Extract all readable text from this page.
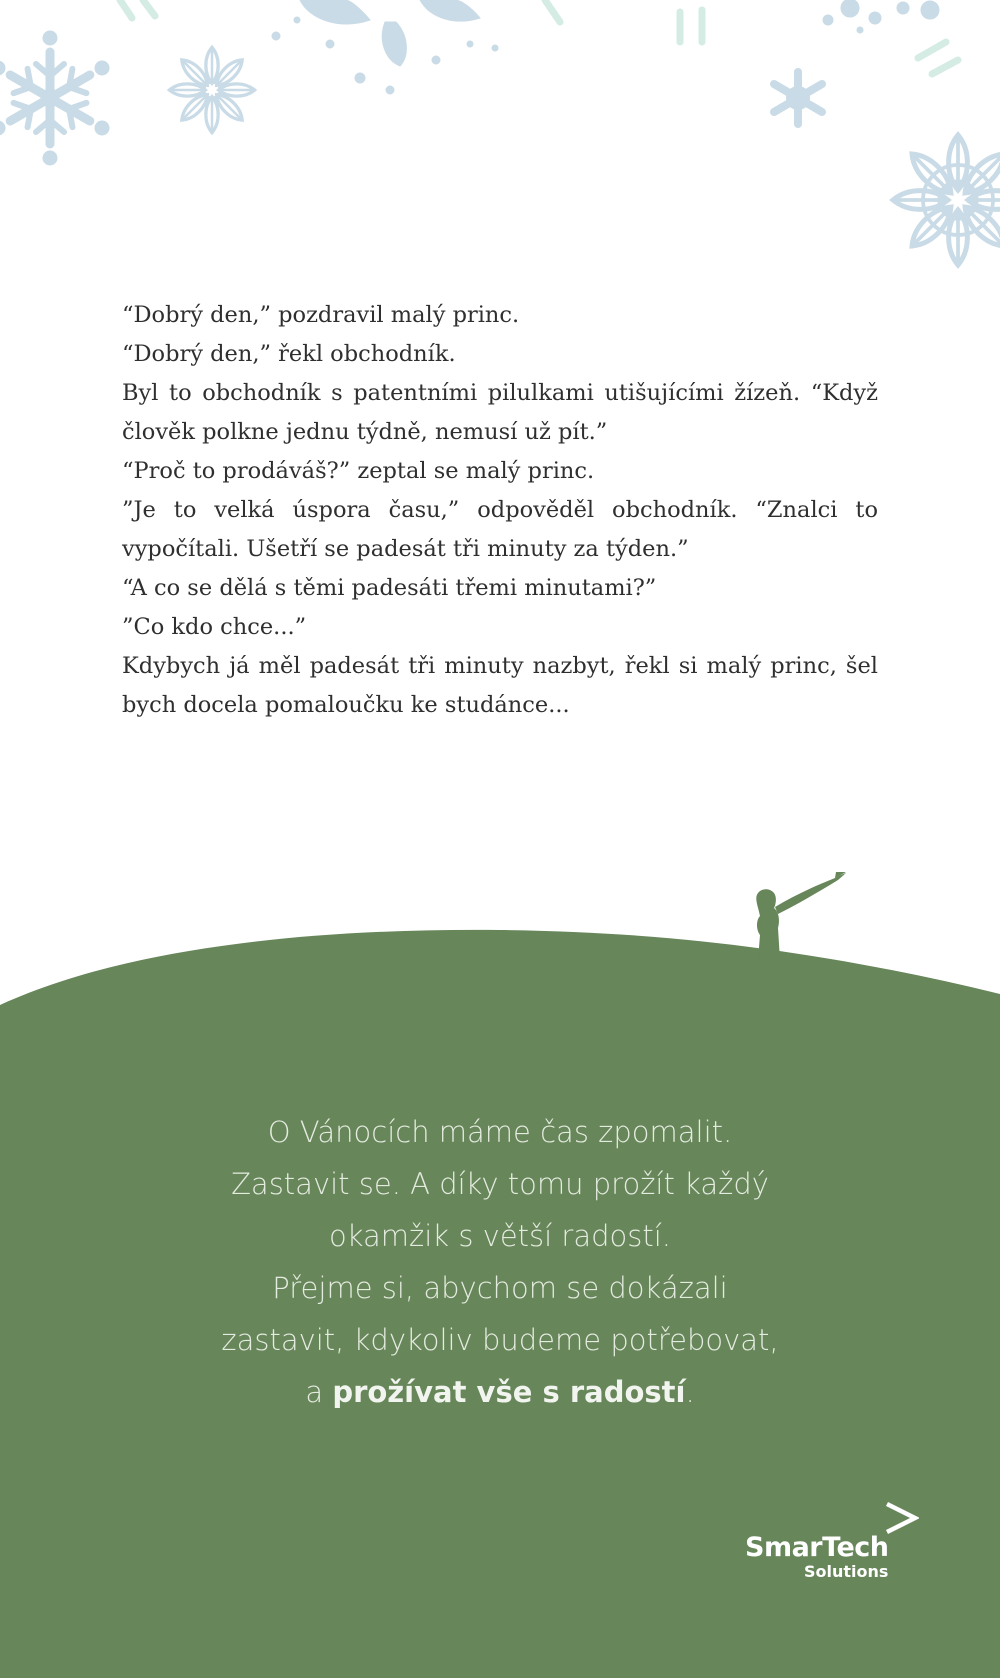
“Dobrý den,” pozdravil malý princ.

“Dobrý den,” řekl obchodník.

Byl to obchodník s patentními pilulkami utišujícími žízeň. “Když člověk polkne jednu týdně, nemusí už pít.”

“Proč to prodáváš?” zeptal se malý princ.

”Je to velká úspora času,” odpověděl obchodník. “Znalci to vypočítali. Ušetří se padesát tři minuty za týden.”

“A co se dělá s těmi padesáti třemi minutami?”

”Co kdo chce...”

Kdybych já měl padesát tři minuty nazbyt, řekl si malý princ, šel bych docela pomaloučku ke studánce...

O Vánocích máme čas zpomalit.
Zastavit se. A díky tomu prožít každý
okamžik s větší radostí.
Přejme si, abychom se dokázali
zastavit, kdykoliv budeme potřebovat,
a prožívat vše s radostí.
SmarTech
Solutions
